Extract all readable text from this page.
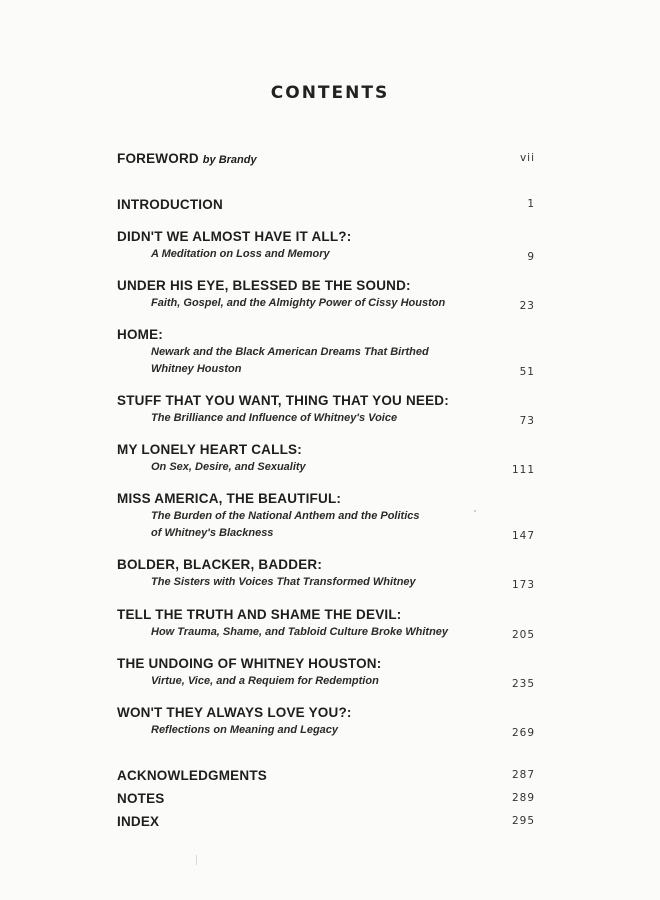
CONTENTS
FOREWORD by Brandy	vii
INTRODUCTION	1
DIDN'T WE ALMOST HAVE IT ALL?:
A Meditation on Loss and Memory	9
UNDER HIS EYE, BLESSED BE THE SOUND:
Faith, Gospel, and the Almighty Power of Cissy Houston	23
HOME:
Newark and the Black American Dreams That Birthed
Whitney Houston	51
STUFF THAT YOU WANT, THING THAT YOU NEED:
The Brilliance and Influence of Whitney's Voice	73
MY LONELY HEART CALLS:
On Sex, Desire, and Sexuality	111
MISS AMERICA, THE BEAUTIFUL:
The Burden of the National Anthem and the Politics
of Whitney's Blackness	147
BOLDER, BLACKER, BADDER:
The Sisters with Voices That Transformed Whitney	173
TELL THE TRUTH AND SHAME THE DEVIL:
How Trauma, Shame, and Tabloid Culture Broke Whitney	205
THE UNDOING OF WHITNEY HOUSTON:
Virtue, Vice, and a Requiem for Redemption	235
WON'T THEY ALWAYS LOVE YOU?:
Reflections on Meaning and Legacy	269
ACKNOWLEDGMENTS	287
NOTES	289
INDEX	295
